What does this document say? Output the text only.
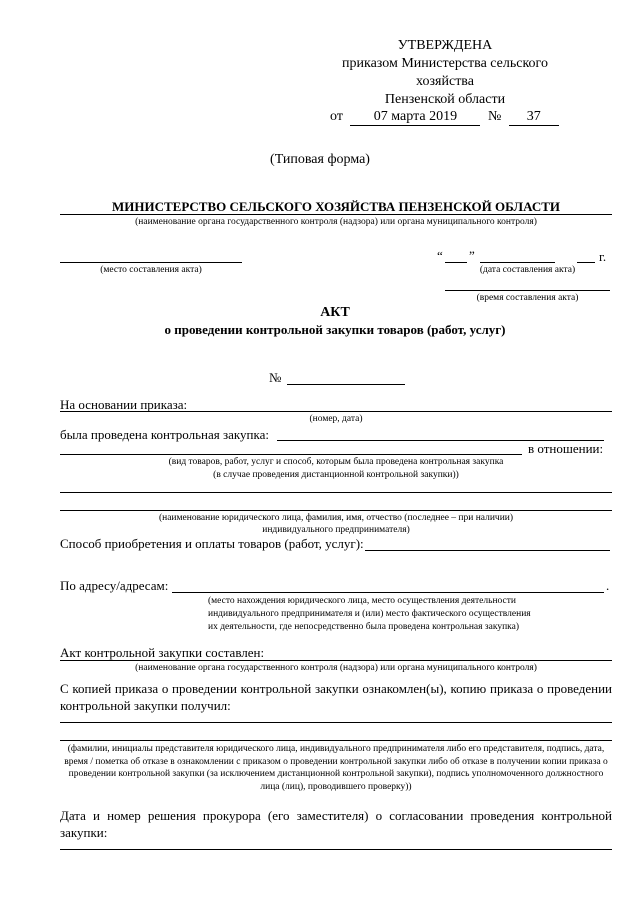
УТВЕРЖДЕНА
приказом Министерства сельского
хозяйства
Пензенской области
от 07 марта 2019 № 37
(Типовая форма)
МИНИСТЕРСТВО СЕЛЬСКОГО ХОЗЯЙСТВА ПЕНЗЕНСКОЙ ОБЛАСТИ
(наименование органа государственного контроля (надзора) или органа муниципального контроля)
(место составления акта)
“ ”	г.
(дата составления акта)
(время составления акта)
АКТ
о проведении контрольной закупки товаров (работ, услуг)
№
На основании приказа:
(номер, дата)
была проведена контрольная закупка:
в отношении:
(вид товаров, работ, услуг и способ, которым была проведена контрольная закупка
(в случае проведения дистанционной контрольной закупки))
(наименование юридического лица, фамилия, имя, отчество (последнее – при наличии)
индивидуального предпринимателя)
Способ приобретения и оплаты товаров (работ, услуг):
По адресу/адресам:	.
(место нахождения юридического лица, место осуществления деятельности
индивидуального предпринимателя и (или) место фактического осуществления
их деятельности, где непосредственно была проведена контрольная закупка)
Акт контрольной закупки составлен:
(наименование органа государственного контроля (надзора) или органа муниципального контроля)
С копией приказа о проведении контрольной закупки ознакомлен(ы), копию приказа о проведении контрольной закупки получил:
(фамилии, инициалы представителя юридического лица, индивидуального предпринимателя либо его представителя, подпись, дата, время / пометка об отказе в ознакомлении с приказом о проведении контрольной закупки либо об отказе в получении копии приказа о проведении контрольной закупки (за исключением дистанционной контрольной закупки), подпись уполномоченного должностного лица (лиц), проводившего проверку))
Дата и номер решения прокурора (его заместителя) о согласовании проведения контрольной закупки:
